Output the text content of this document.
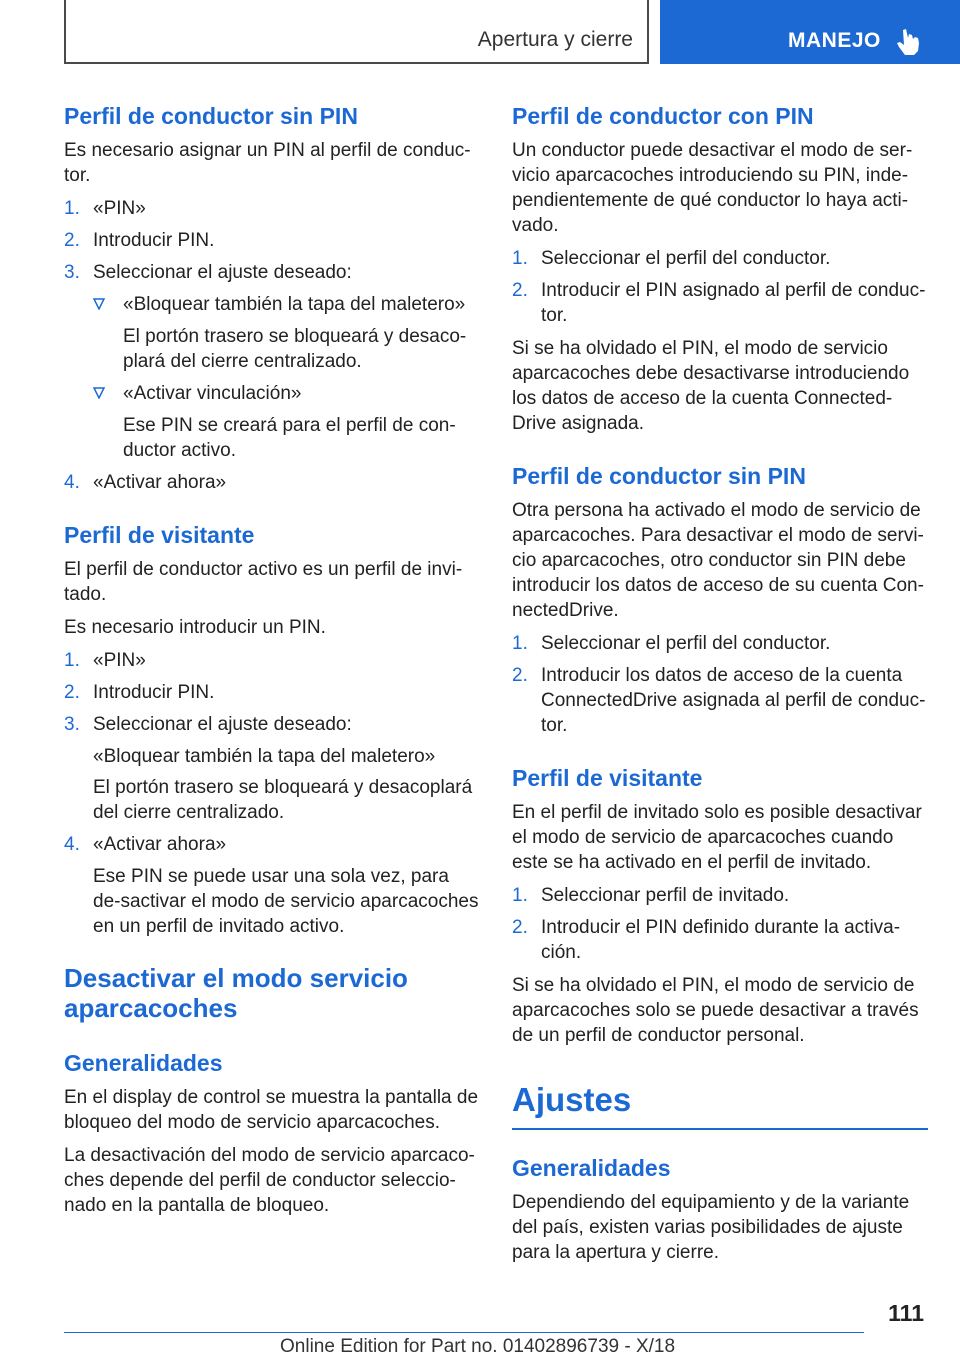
Apertura y cierre	MANEJO
Perfil de conductor sin PIN

Es necesario asignar un PIN al perfil de conduc‐tor.

1. «PIN»
2. Introducir PIN.
3. Seleccionar el ajuste deseado:
«Bloquear también la tapa del maletero»
El portón trasero se bloqueará y desaco‐plará del cierre centralizado.
«Activar vinculación»
Ese PIN se creará para el perfil de con‐ductor activo.
4. «Activar ahora»
Perfil de visitante

El perfil de conductor activo es un perfil de invi‐tado.

Es necesario introducir un PIN.

1. «PIN»
2. Introducir PIN.
3. Seleccionar el ajuste deseado:

«Bloquear también la tapa del maletero»

El portón trasero se bloqueará y desacoplará del cierre centralizado.

4. «Activar ahora»

Ese PIN se puede usar una sola vez, para de‐sactivar el modo de servicio aparcacoches en un perfil de invitado activo.

Desactivar el modo servicio aparcacoches
Generalidades

En el display de control se muestra la pantalla de bloqueo del modo de servicio aparcacoches.

La desactivación del modo de servicio aparcaco‐ches depende del perfil de conductor seleccio‐nado en la pantalla de bloqueo.

Perfil de conductor con PIN

Un conductor puede desactivar el modo de ser‐vicio aparcacoches introduciendo su PIN, inde‐pendientemente de qué conductor lo haya acti‐vado.

1. Seleccionar el perfil del conductor.
2. Introducir el PIN asignado al perfil de conduc‐tor.

Si se ha olvidado el PIN, el modo de servicio aparcacoches debe desactivarse introduciendo los datos de acceso de la cuenta Connected‐Drive asignada.

Perfil de conductor sin PIN

Otra persona ha activado el modo de servicio de aparcacoches. Para desactivar el modo de servi‐cio aparcacoches, otro conductor sin PIN debe introducir los datos de acceso de su cuenta Con‐nectedDrive.

1. Seleccionar el perfil del conductor.
2. Introducir los datos de acceso de la cuenta ConnectedDrive asignada al perfil de conduc‐tor.
Perfil de visitante

En el perfil de invitado solo es posible desactivar el modo de servicio de aparcacoches cuando este se ha activado en el perfil de invitado.

1. Seleccionar perfil de invitado.
2. Introducir el PIN definido durante la activa‐ción.

Si se ha olvidado el PIN, el modo de servicio de aparcacoches solo se puede desactivar a través de un perfil de conductor personal.

Ajustes
Generalidades

Dependiendo del equipamiento y de la variante del país, existen varias posibilidades de ajuste para la apertura y cierre.

111
Online Edition for Part no. 01402896739 - X/18
